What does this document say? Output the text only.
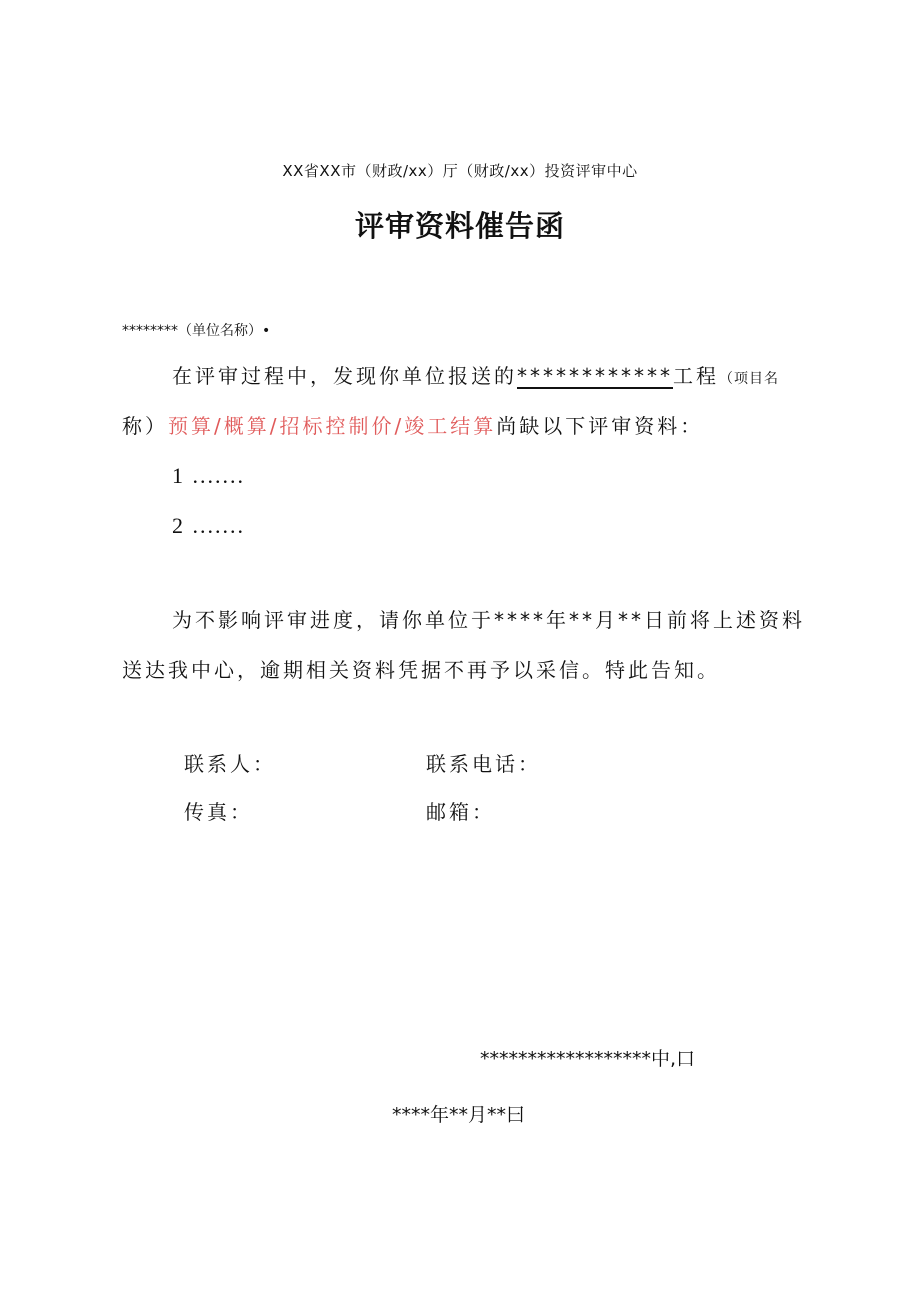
XX省XX市（财政/xx）厅（财政/xx）投资评审中心
评审资料催告函
********（单位名称）•
在评审过程中，发现你单位报送的************工程（项目名
称）预算/概算/招标控制价/竣工结算尚缺以下评审资料：
1 .......
2 .......
为不影响评审进度，请你单位于****年**月**日前将上述资料
送达我中心，逾期相关资料凭据不再予以采信。特此告知。
联系人：	联系电话：
传真：	邮箱：
******************中,口
****年**月**曰
